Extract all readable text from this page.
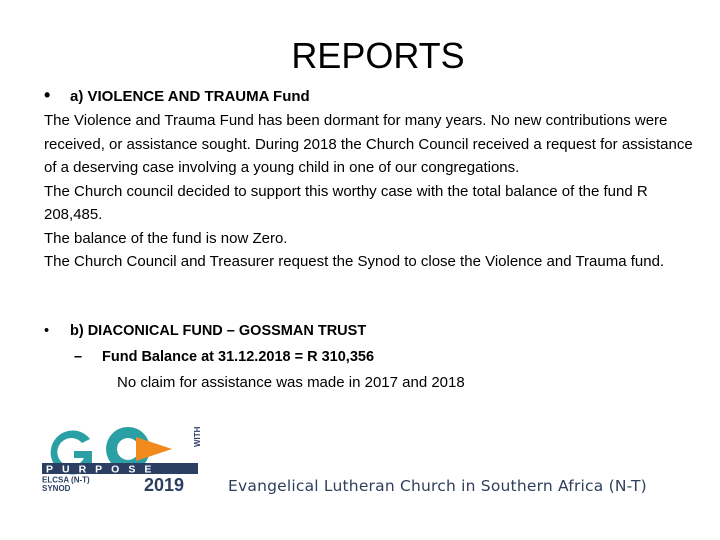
REPORTS
• a) VIOLENCE AND TRAUMA Fund

The Violence and Trauma Fund has been dormant for many years. No new contributions were received, or assistance sought. During 2018 the Church Council received a request for assistance of a deserving case involving a young child in one of our congregations.

The Church council decided to support this worthy case with the total balance of the fund R 208,485.

The balance of the fund is now Zero.

The Church Council and Treasurer request the Synod to close the Violence and Trauma fund.

• b) DIACONICAL FUND – GOSSMAN TRUST
– Fund Balance at 31.12.2018 = R 310,356
No claim for assistance was made in 2017 and 2018
WITH
PURPOSE
ELCSA (N-T)
SYNOD	2019	Evangelical Lutheran Church in Southern Africa (N-T)
